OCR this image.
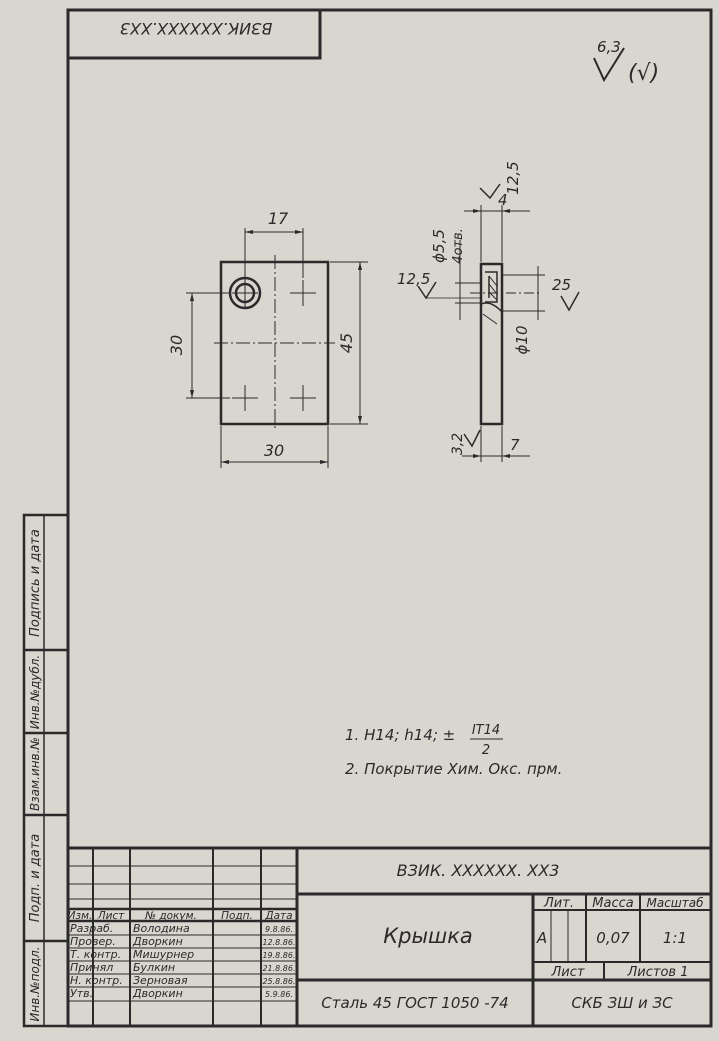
ВЗИК.ХХХХХХ.ХХ3
6,3
(√)
17
30	45
30
12,5
4
ϕ5,5 4отв.
12,5	25
ϕ10
3,2	7
1. Н14; h14; ± IT14
2
2. Покрытие Хим. Окс. прм.
Подпись и дата
Инв.№дубл.
Взам.инв.№
Подп. и дата
Инв.№подл.
ВЗИК. ХХХХХХ. ХХ3
Крышка
Сталь 45 ГОСТ 1050 -74	СКБ ЗШ и ЗС
Лит. Масса Масштаб
А	0,07 1:1
Лист	Листов 1
Изм. Лист № докум. Подп. Дата
Разраб. Володина	9.8.86.
Провер. Дворкин	12.8.86.
Т. контр. Мишурнер	19.8.86.
Принял Булкин	21.8.86.
Н. контр. Зерновая	25.8.86.
Утв.	Дворкин	5.9.86.
